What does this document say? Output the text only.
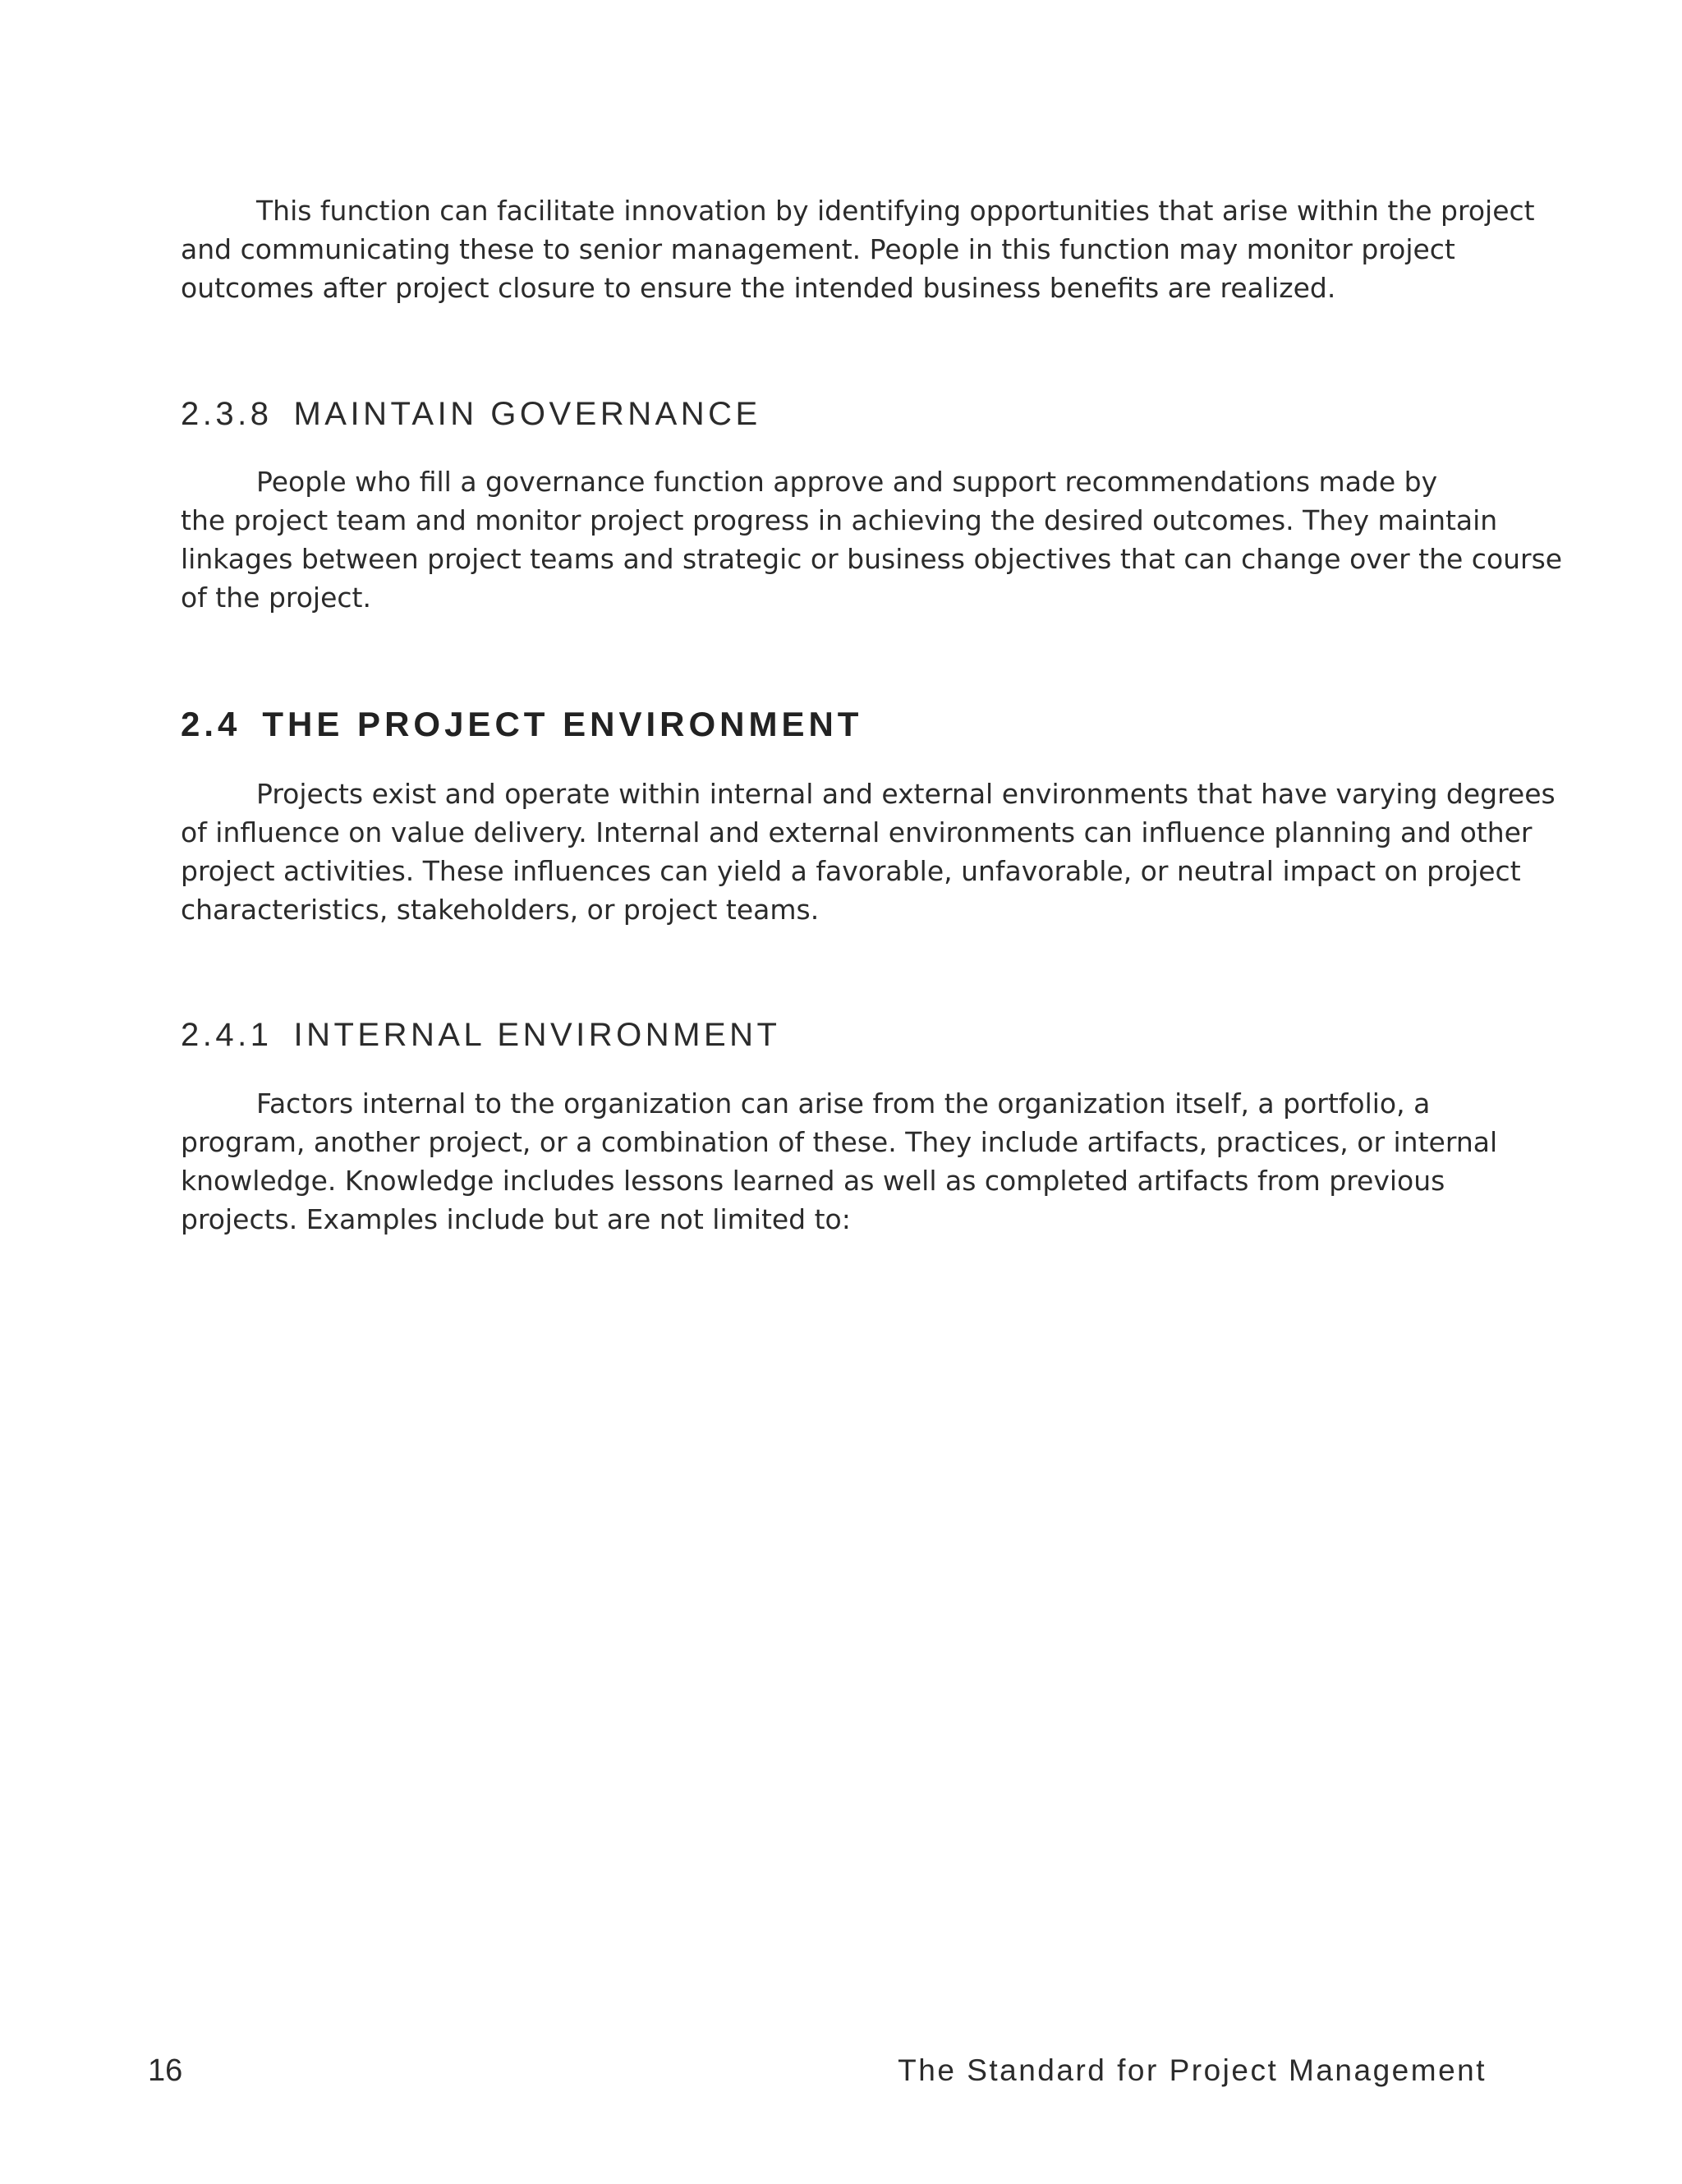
This function can facilitate innovation by identifying opportunities that arise within the project
and communicating these to senior management. People in this function may monitor project
outcomes after project closure to ensure the intended business benefits are realized.

2.3.8 MAINTAIN GOVERNANCE

People who fill a governance function approve and support recommendations made by
the project team and monitor project progress in achieving the desired outcomes. They maintain
linkages between project teams and strategic or business objectives that can change over the course
of the project.

2.4 THE PROJECT ENVIRONMENT

Projects exist and operate within internal and external environments that have varying degrees
of influence on value delivery. Internal and external environments can influence planning and other
project activities. These influences can yield a favorable, unfavorable, or neutral impact on project
characteristics, stakeholders, or project teams.

2.4.1 INTERNAL ENVIRONMENT

Factors internal to the organization can arise from the organization itself, a portfolio, a
program, another project, or a combination of these. They include artifacts, practices, or internal
knowledge. Knowledge includes lessons learned as well as completed artifacts from previous
projects. Examples include but are not limited to:

16	The Standard for Project Management
